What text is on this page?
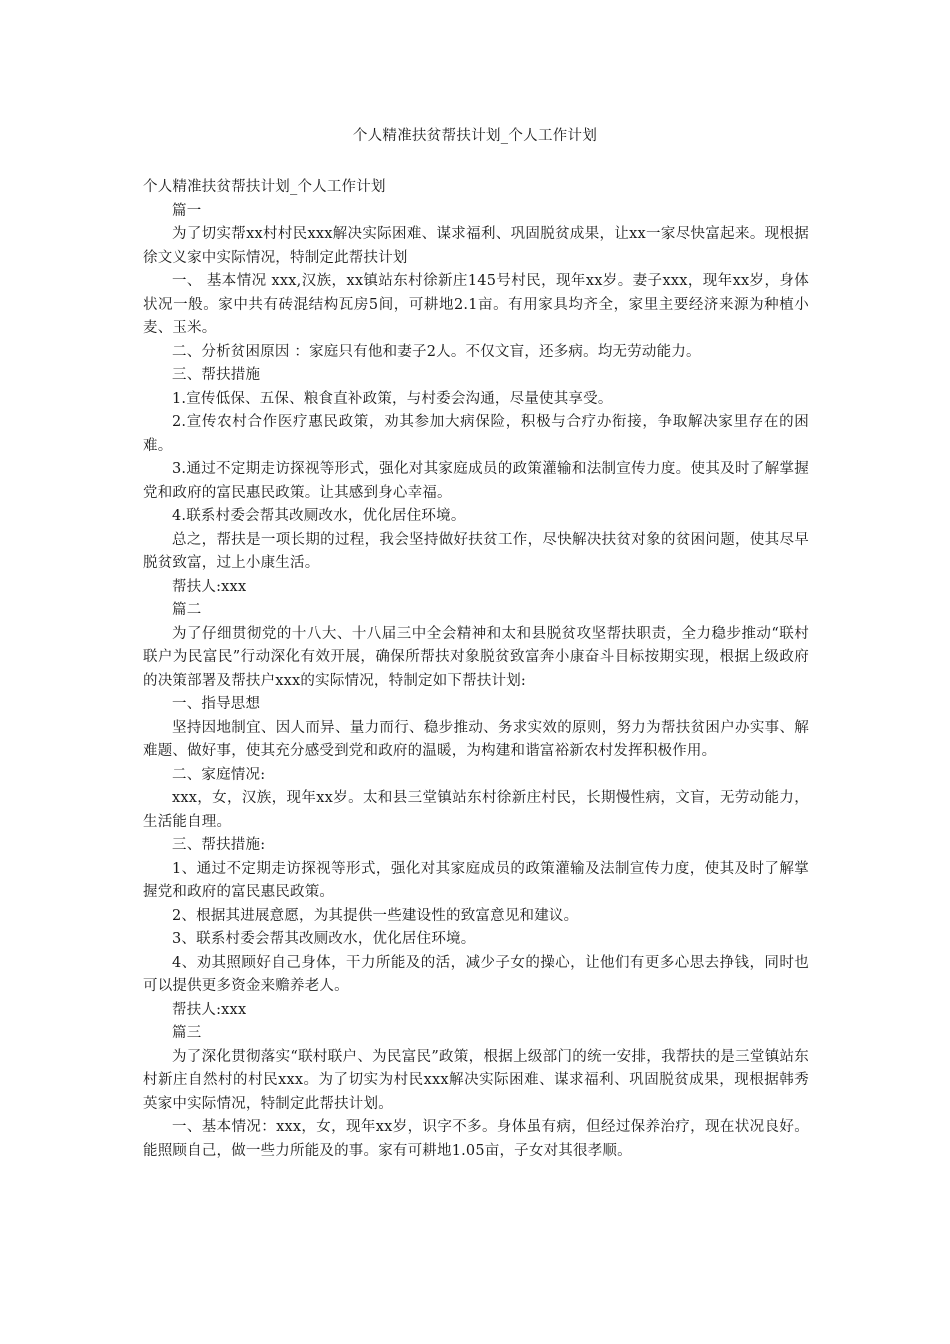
个人精准扶贫帮扶计划_个人工作计划

个人精准扶贫帮扶计划_个人工作计划

篇一

为了切实帮xx村村民xxx解决实际困难、谋求福利、巩固脱贫成果，让xx一家尽快富起来。现根据徐文义家中实际情况，特制定此帮扶计划

一、 基本情况 xxx,汉族，xx镇站东村徐新庄145号村民，现年xx岁。妻子xxx，现年xx岁，身体状况一般。家中共有砖混结构瓦房5间，可耕地2.1亩。有用家具均齐全，家里主要经济来源为种植小麦、玉米。

二、分析贫困原因 ：家庭只有他和妻子2人。不仅文盲，还多病。均无劳动能力。

三、帮扶措施

1.宣传低保、五保、粮食直补政策，与村委会沟通，尽量使其享受。

2.宣传农村合作医疗惠民政策，劝其参加大病保险，积极与合疗办衔接，争取解决家里存在的困难。

3.通过不定期走访探视等形式，强化对其家庭成员的政策灌输和法制宣传力度。使其及时了解掌握党和政府的富民惠民政策。让其感到身心幸福。

4.联系村委会帮其改厕改水，优化居住环境。

总之，帮扶是一项长期的过程，我会坚持做好扶贫工作，尽快解决扶贫对象的贫困问题，使其尽早脱贫致富，过上小康生活。

帮扶人:xxx

篇二

为了仔细贯彻党的十八大、十八届三中全会精神和太和县脱贫攻坚帮扶职责，全力稳步推动“联村联户为民富民”行动深化有效开展，确保所帮扶对象脱贫致富奔小康奋斗目标按期实现，根据上级政府的决策部署及帮扶户xxx的实际情况，特制定如下帮扶计划:

一、指导思想

坚持因地制宜、因人而异、量力而行、稳步推动、务求实效的原则，努力为帮扶贫困户办实事、解难题、做好事，使其充分感受到党和政府的温暖，为构建和谐富裕新农村发挥积极作用。

二、家庭情况:

xxx，女，汉族，现年xx岁。太和县三堂镇站东村徐新庄村民，长期慢性病，文盲，无劳动能力，生活能自理。

三、帮扶措施:

1、通过不定期走访探视等形式，强化对其家庭成员的政策灌输及法制宣传力度，使其及时了解掌握党和政府的富民惠民政策。

2、根据其进展意愿，为其提供一些建设性的致富意见和建议。

3、联系村委会帮其改厕改水，优化居住环境。

4、劝其照顾好自己身体，干力所能及的活，减少子女的操心，让他们有更多心思去挣钱，同时也可以提供更多资金来赡养老人。

帮扶人:xxx

篇三

为了深化贯彻落实“联村联户、为民富民”政策，根据上级部门的统一安排，我帮扶的是三堂镇站东村新庄自然村的村民xxx。为了切实为村民xxx解决实际困难、谋求福利、巩固脱贫成果，现根据韩秀英家中实际情况，特制定此帮扶计划。

一、基本情况：xxx，女，现年xx岁，识字不多。身体虽有病，但经过保养治疗，现在状况良好。能照顾自己，做一些力所能及的事。家有可耕地1.05亩，子女对其很孝顺。
